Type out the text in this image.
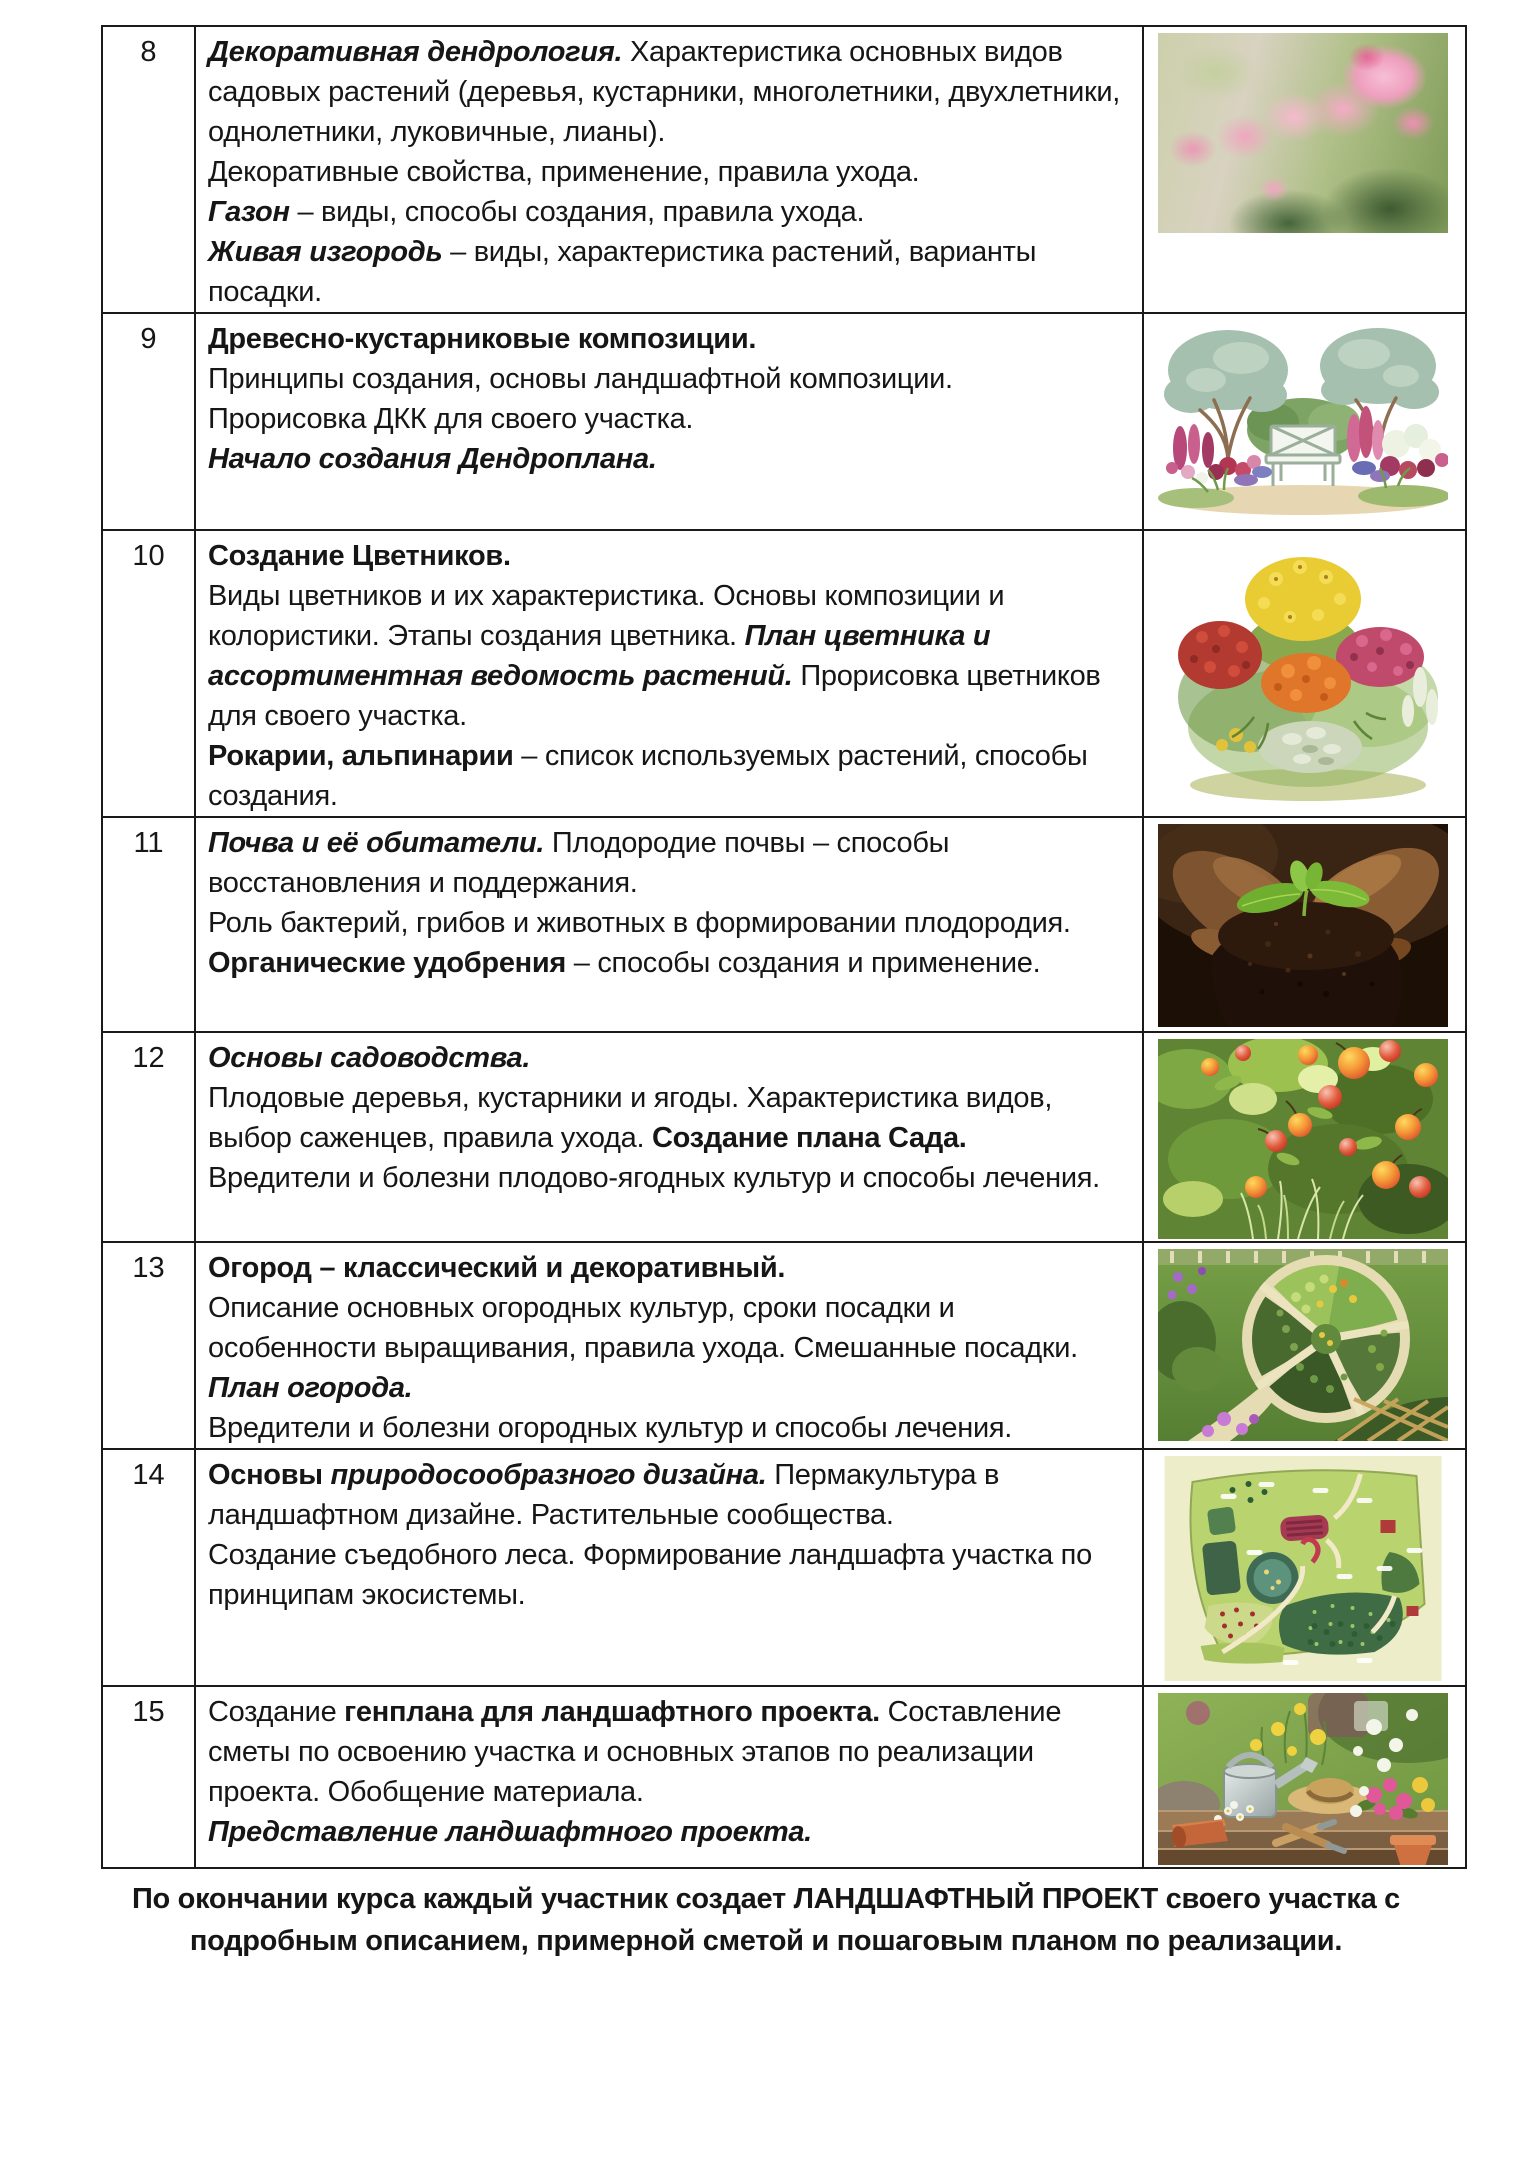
8	Декоративная дендрология. Характеристика основных видов садовых растений (деревья, кустарники, многолетники, двухлетники, однолетники, луковичные, лианы).

Декоративные свойства, применение, правила ухода.

Газон – виды, способы создания, правила ухода.

Живая изгородь – виды, характеристика растений, варианты посадки.	

9	Древесно-кустарниковые композиции.

Принципы создания, основы ландшафтной композиции.

Прорисовка ДКК для своего участка.

Начало создания Дендроплана.

10	Создание Цветников.

Виды цветников и их характеристика. Основы композиции и колористики. Этапы создания цветника. План цветника и ассортиментная ведомость растений. Прорисовка цветников для своего участка.

Рокарии, альпинарии – список используемых растений, способы создания.

11	Почва и её обитатели. Плодородие почвы – способы восстановления и поддержания.

Роль бактерий, грибов и животных в формировании плодородия. Органические удобрения – способы создания и применение.

12	Основы садоводства.

Плодовые деревья, кустарники и ягоды. Характеристика видов, выбор саженцев, правила ухода. Создание плана Сада.

Вредители и болезни плодово-ягодных культур и способы лечения.

13	Огород – классический и декоративный.

Описание основных огородных культур, сроки посадки и особенности выращивания, правила ухода. Смешанные посадки. План огорода.

Вредители и болезни огородных культур и способы лечения.

14	Основы природосообразного дизайна. Пермакультура в ландшафтном дизайне. Растительные сообщества.

Создание съедобного леса. Формирование ландшафта участка по принципам экосистемы.

15	Создание генплана для ландшафтного проекта. Составление сметы по освоению участка и основных этапов по реализации проекта. Обобщение материала.

Представление ландшафтного проекта.

По окончании курса каждый участник создает ЛАНДШАФТНЫЙ ПРОЕКТ своего участка с подробным описанием, примерной сметой и пошаговым планом по реализации.
